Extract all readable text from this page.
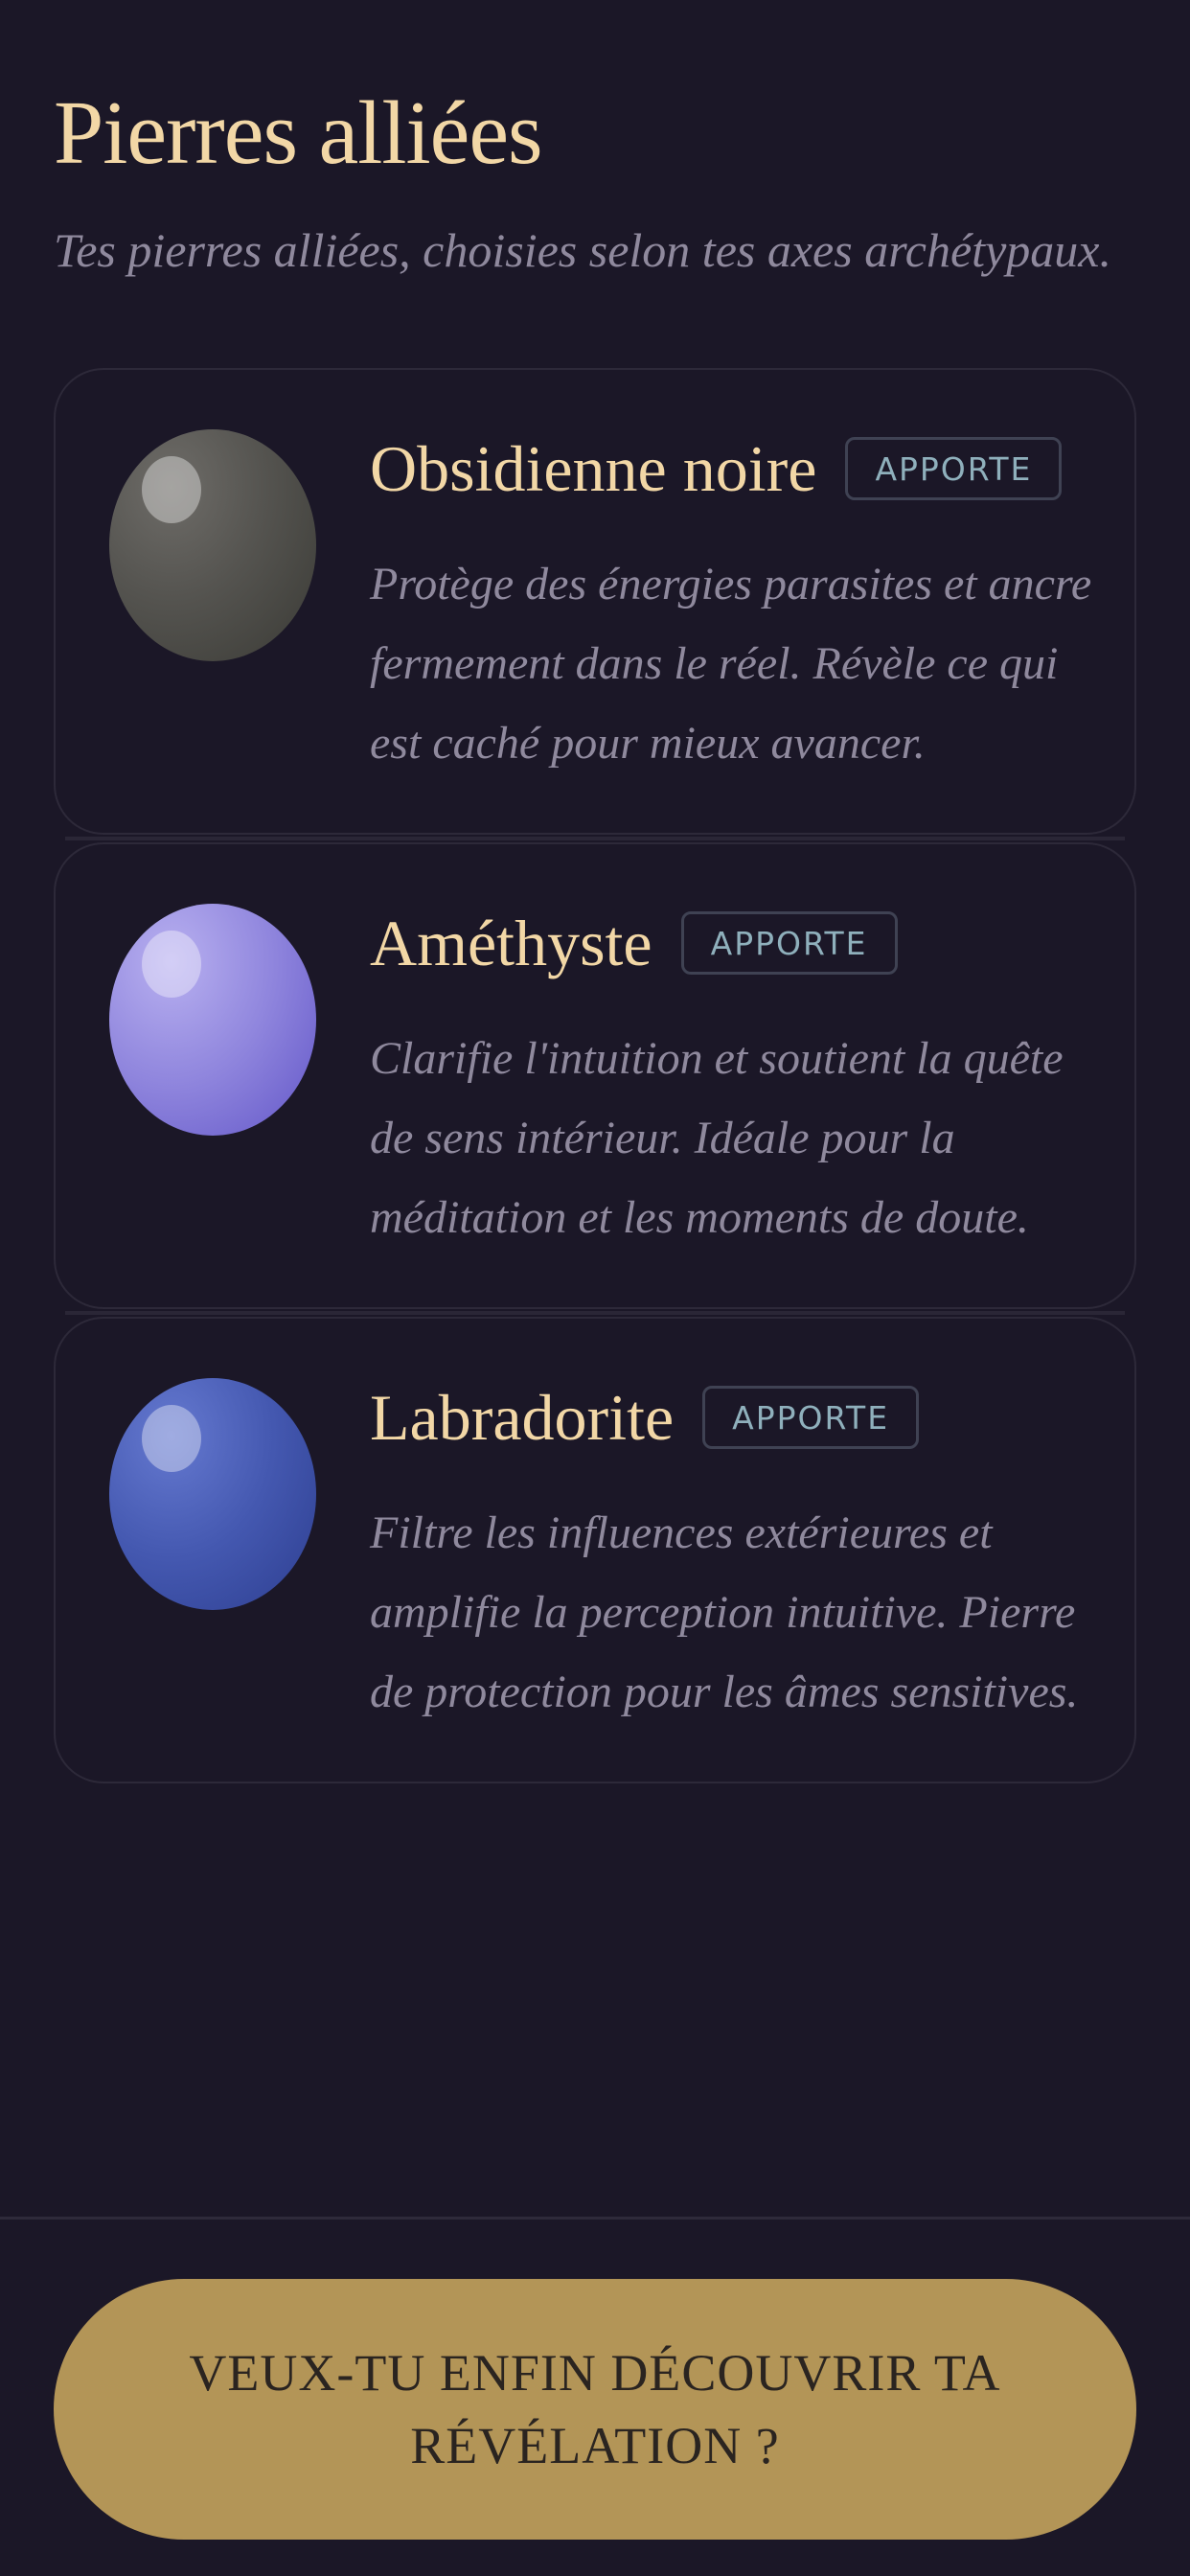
Pierres alliées

Tes pierres alliées, choisies selon tes axes archétypaux.

Obsidienne noire	APPORTE

Protège des énergies parasites et ancre fermement dans le réel. Révèle ce qui est caché pour mieux avancer.

Améthyste	APPORTE

Clarifie l'intuition et soutient la quête de sens intérieur. Idéale pour la méditation et les moments de doute.

Labradorite	APPORTE

Filtre les influences extérieures et amplifie la perception intuitive. Pierre de protection pour les âmes sensitives.

VEUX-TU ENFIN DÉCOUVRIR TA RÉVÉLATION ?
